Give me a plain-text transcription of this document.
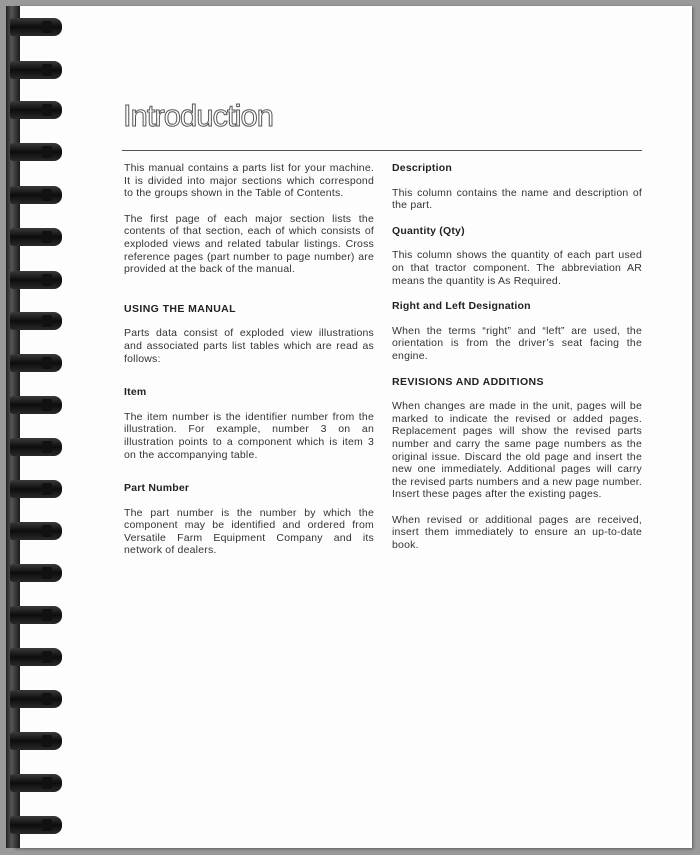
Introduction

This manual contains a parts list for your machine. It is divided into major sections which correspond to the groups shown in the Table of Contents.

The first page of each major section lists the contents of that section, each of which consists of exploded views and related tabular listings. Cross reference pages (part number to page number) are provided at the back of the manual.

USING THE MANUAL

Parts data consist of exploded view illustrations and associated parts list tables which are read as follows:

Item

The item number is the identifier number from the illustration. For example, number 3 on an illustration points to a component which is item 3 on the accompanying table.

Part Number

The part number is the number by which the component may be identified and ordered from Versatile Farm Equipment Company and its network of dealers.

Description

This column contains the name and description of the part.

Quantity (Qty)

This column shows the quantity of each part used on that tractor component. The abbreviation AR means the quantity is As Required.

Right and Left Designation

When the terms “right” and “left” are used, the orientation is from the driver’s seat facing the engine.

REVISIONS AND ADDITIONS

When changes are made in the unit, pages will be marked to indicate the revised or added pages. Replacement pages will show the revised parts number and carry the same page numbers as the original issue. Discard the old page and insert the new one immediately. Additional pages will carry the revised parts numbers and a new page number. Insert these pages after the existing pages.

When revised or additional pages are received, insert them immediately to ensure an up-to-date book.
